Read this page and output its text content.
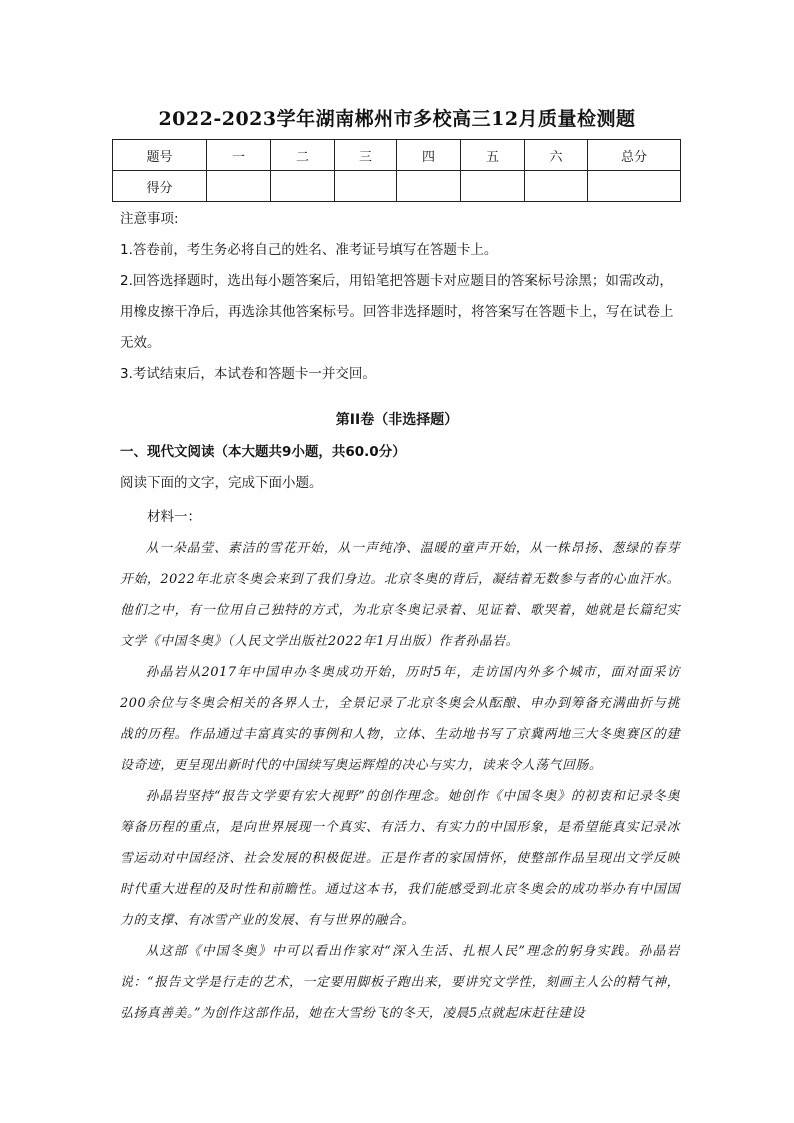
2022-2023学年湖南郴州市多校高三12月质量检测题
题号	一	二	三	四	五	六	总分
得分							

注意事项:

1.答卷前，考生务必将自己的姓名、准考证号填写在答题卡上。

2.回答选择题时，选出每小题答案后，用铅笔把答题卡对应题目的答案标号涂黑；如需改动，用橡皮擦干净后，再选涂其他答案标号。回答非选择题时，将答案写在答题卡上，写在试卷上无效。

3.考试结束后，本试卷和答题卡一并交回。

第II卷（非选择题）

一、现代文阅读（本大题共9小题，共60.0分）

阅读下面的文字，完成下面小题。

材料一：

从一朵晶莹、素洁的雪花开始，从一声纯净、温暖的童声开始，从一株昂扬、葱绿的春芽开始，2022年北京冬奥会来到了我们身边。北京冬奥的背后，凝结着无数参与者的心血汗水。他们之中，有一位用自己独特的方式，为北京冬奥记录着、见证着、歌哭着，她就是长篇纪实文学《中国冬奥》（人民文学出版社2022年1月出版）作者孙晶岩。

孙晶岩从2017年中国申办冬奥成功开始，历时5年，走访国内外多个城市，面对面采访200余位与冬奥会相关的各界人士，全景记录了北京冬奥会从酝酿、申办到筹备充满曲折与挑战的历程。作品通过丰富真实的事例和人物，立体、生动地书写了京冀两地三大冬奥赛区的建设奇迹，更呈现出新时代的中国续写奥运辉煌的决心与实力，读来令人荡气回肠。

孙晶岩坚持“报告文学要有宏大视野”的创作理念。她创作《中国冬奥》的初衷和记录冬奥筹备历程的重点，是向世界展现一个真实、有活力、有实力的中国形象，是希望能真实记录冰雪运动对中国经济、社会发展的积极促进。正是作者的家国情怀，使整部作品呈现出文学反映时代重大进程的及时性和前瞻性。通过这本书，我们能感受到北京冬奥会的成功举办有中国国力的支撑、有冰雪产业的发展、有与世界的融合。

从这部《中国冬奥》中可以看出作家对“深入生活、扎根人民”理念的躬身实践。孙晶岩说：“报告文学是行走的艺术，一定要用脚板子跑出来，要讲究文学性，刻画主人公的精气神，弘扬真善美。”为创作这部作品，她在大雪纷飞的冬天，凌晨5点就起床赶往建设
